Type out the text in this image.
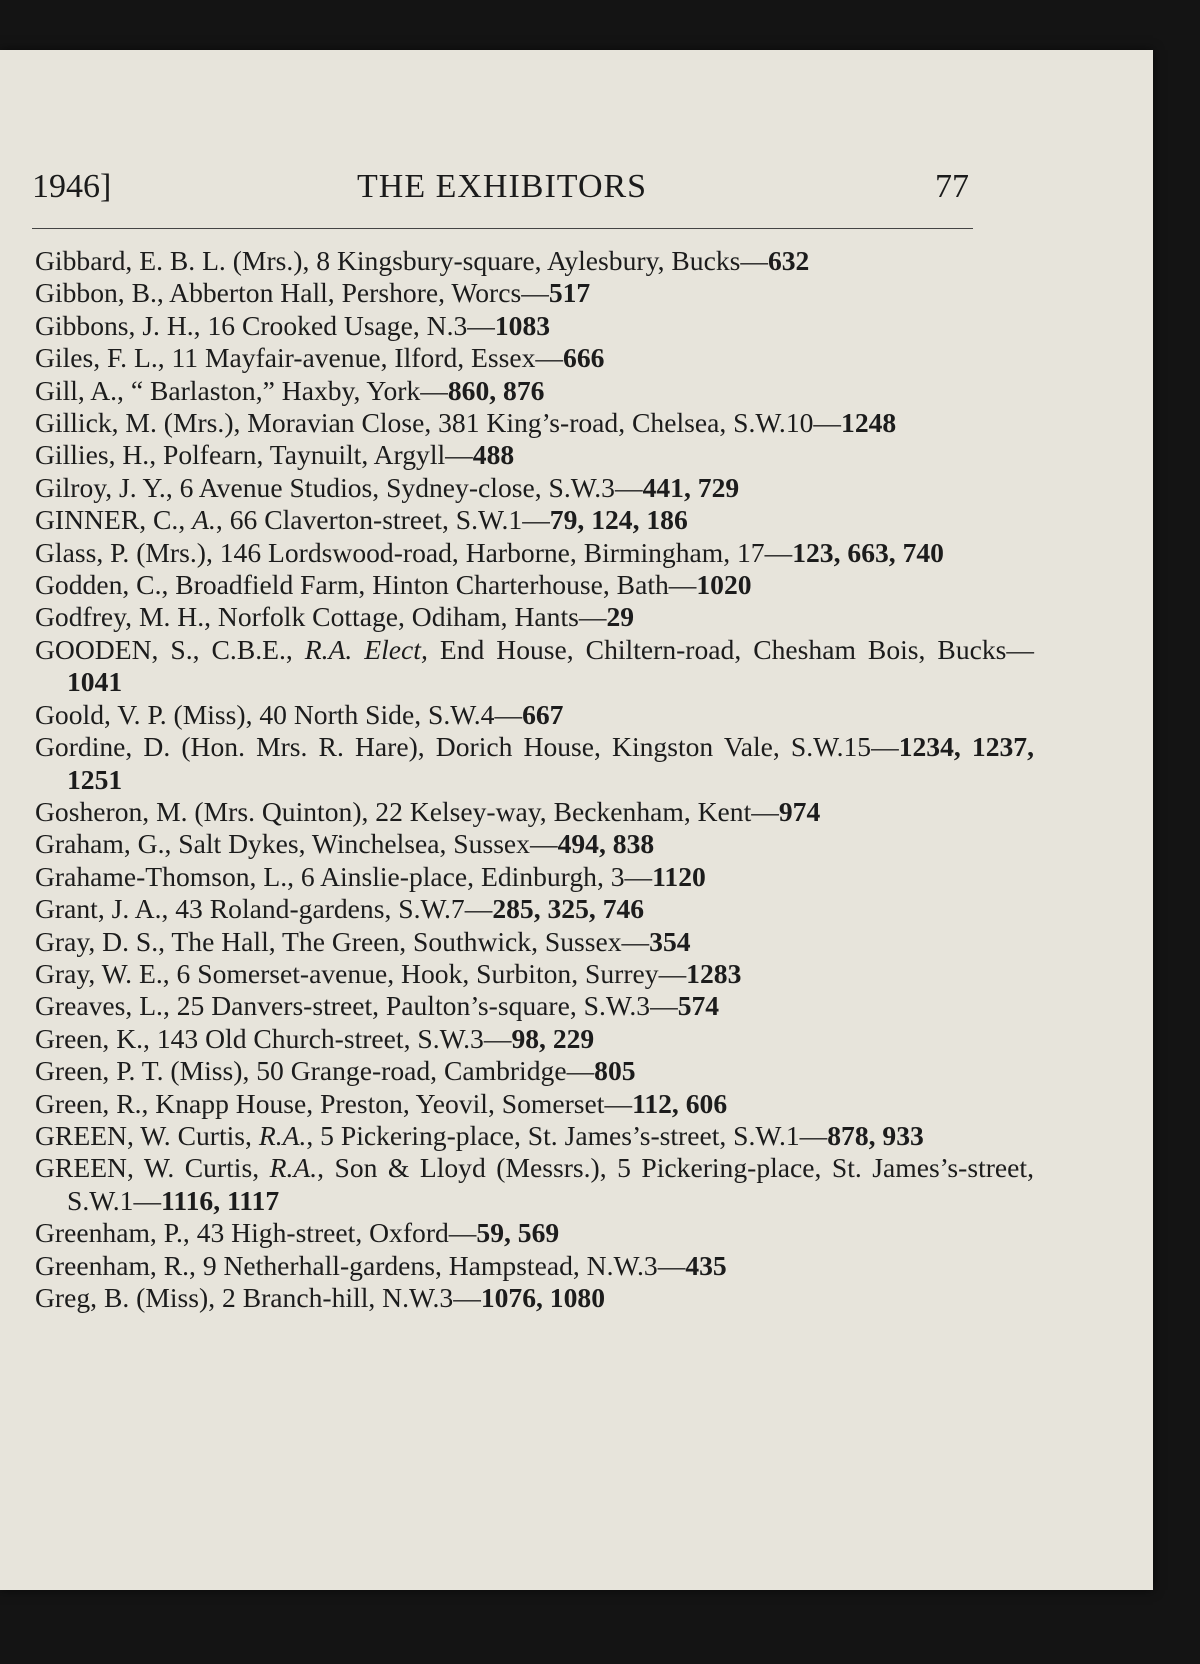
1946]	THE EXHIBITORS	77
Gibbard, E. B. L. (Mrs.), 8 Kingsbury-square, Aylesbury, Bucks—632
Gibbon, B., Abberton Hall, Pershore, Worcs—517
Gibbons, J. H., 16 Crooked Usage, N.3—1083
Giles, F. L., 11 Mayfair-avenue, Ilford, Essex—666
Gill, A., “ Barlaston,” Haxby, York—860, 876
Gillick, M. (Mrs.), Moravian Close, 381 King’s-road, Chelsea, S.W.10—1248
Gillies, H., Polfearn, Taynuilt, Argyll—488
Gilroy, J. Y., 6 Avenue Studios, Sydney-close, S.W.3—441, 729
GINNER, C., A., 66 Claverton-street, S.W.1—79, 124, 186
Glass, P. (Mrs.), 146 Lordswood-road, Harborne, Birmingham, 17—123, 663, 740
Godden, C., Broadfield Farm, Hinton Charterhouse, Bath—1020
Godfrey, M. H., Norfolk Cottage, Odiham, Hants—29
GOODEN, S., C.B.E., R.A. Elect, End House, Chiltern-road, Chesham Bois, Bucks—1041
Goold, V. P. (Miss), 40 North Side, S.W.4—667
Gordine, D. (Hon. Mrs. R. Hare), Dorich House, Kingston Vale, S.W.15—1234, 1237, 1251
Gosheron, M. (Mrs. Quinton), 22 Kelsey-way, Beckenham, Kent—974
Graham, G., Salt Dykes, Winchelsea, Sussex—494, 838
Grahame-Thomson, L., 6 Ainslie-place, Edinburgh, 3—1120
Grant, J. A., 43 Roland-gardens, S.W.7—285, 325, 746
Gray, D. S., The Hall, The Green, Southwick, Sussex—354
Gray, W. E., 6 Somerset-avenue, Hook, Surbiton, Surrey—1283
Greaves, L., 25 Danvers-street, Paulton’s-square, S.W.3—574
Green, K., 143 Old Church-street, S.W.3—98, 229
Green, P. T. (Miss), 50 Grange-road, Cambridge—805
Green, R., Knapp House, Preston, Yeovil, Somerset—112, 606
GREEN, W. Curtis, R.A., 5 Pickering-place, St. James’s-street, S.W.1—878, 933
GREEN, W. Curtis, R.A., Son & Lloyd (Messrs.), 5 Pickering-place, St. James’s-street, S.W.1—1116, 1117
Greenham, P., 43 High-street, Oxford—59, 569
Greenham, R., 9 Netherhall-gardens, Hampstead, N.W.3—435
Greg, B. (Miss), 2 Branch-hill, N.W.3—1076, 1080
